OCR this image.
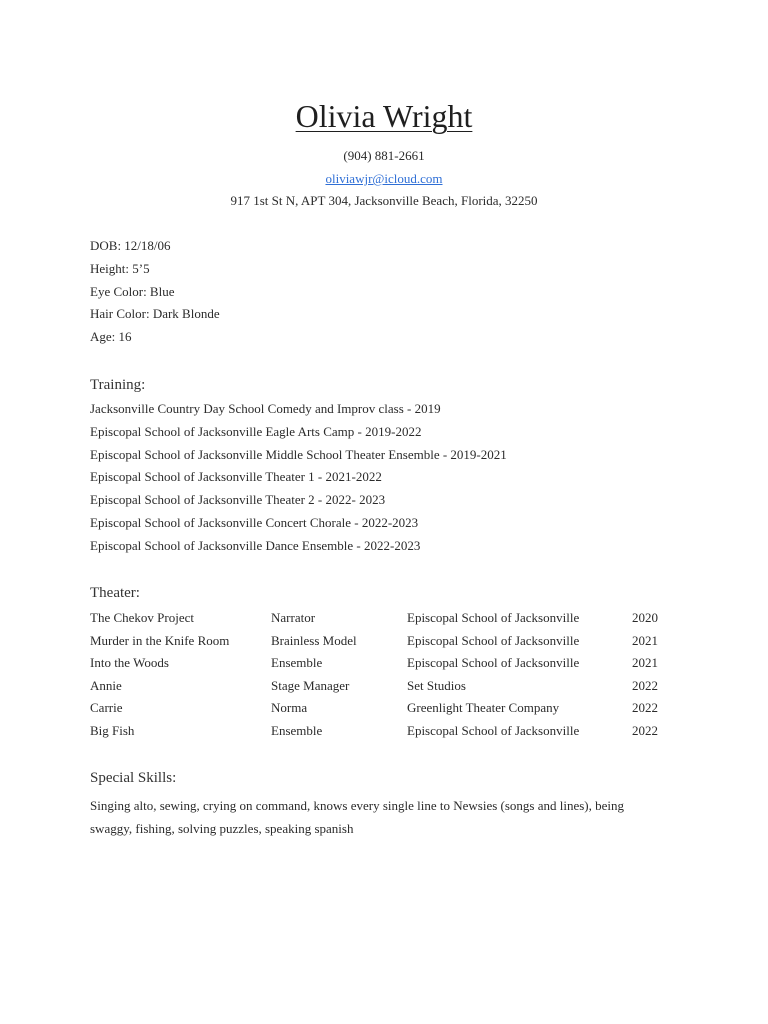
Olivia Wright
(904) 881-2661
oliviawjr@icloud.com
917 1st St N, APT 304, Jacksonville Beach, Florida, 32250
DOB: 12/18/06
Height: 5’5
Eye Color: Blue
Hair Color: Dark Blonde
Age: 16
Training:
Jacksonville Country Day School Comedy and Improv class - 2019
Episcopal School of Jacksonville Eagle Arts Camp - 2019-2022
Episcopal School of Jacksonville Middle School Theater Ensemble - 2019-2021
Episcopal School of Jacksonville Theater 1 - 2021-2022
Episcopal School of Jacksonville Theater 2 - 2022- 2023
Episcopal School of Jacksonville Concert Chorale - 2022-2023
Episcopal School of Jacksonville Dance Ensemble - 2022-2023
Theater:
The Chekov Project	Narrator	Episcopal School of Jacksonville	2020
Murder in the Knife Room	Brainless Model	Episcopal School of Jacksonville	2021
Into the Woods	Ensemble	Episcopal School of Jacksonville	2021
Annie	Stage Manager	Set Studios	2022
Carrie	Norma	Greenlight Theater Company	2022
Big Fish	Ensemble	Episcopal School of Jacksonville	2022
Special Skills:
Singing alto, sewing, crying on command, knows every single line to Newsies (songs and lines), being swaggy, fishing, solving puzzles, speaking spanish
